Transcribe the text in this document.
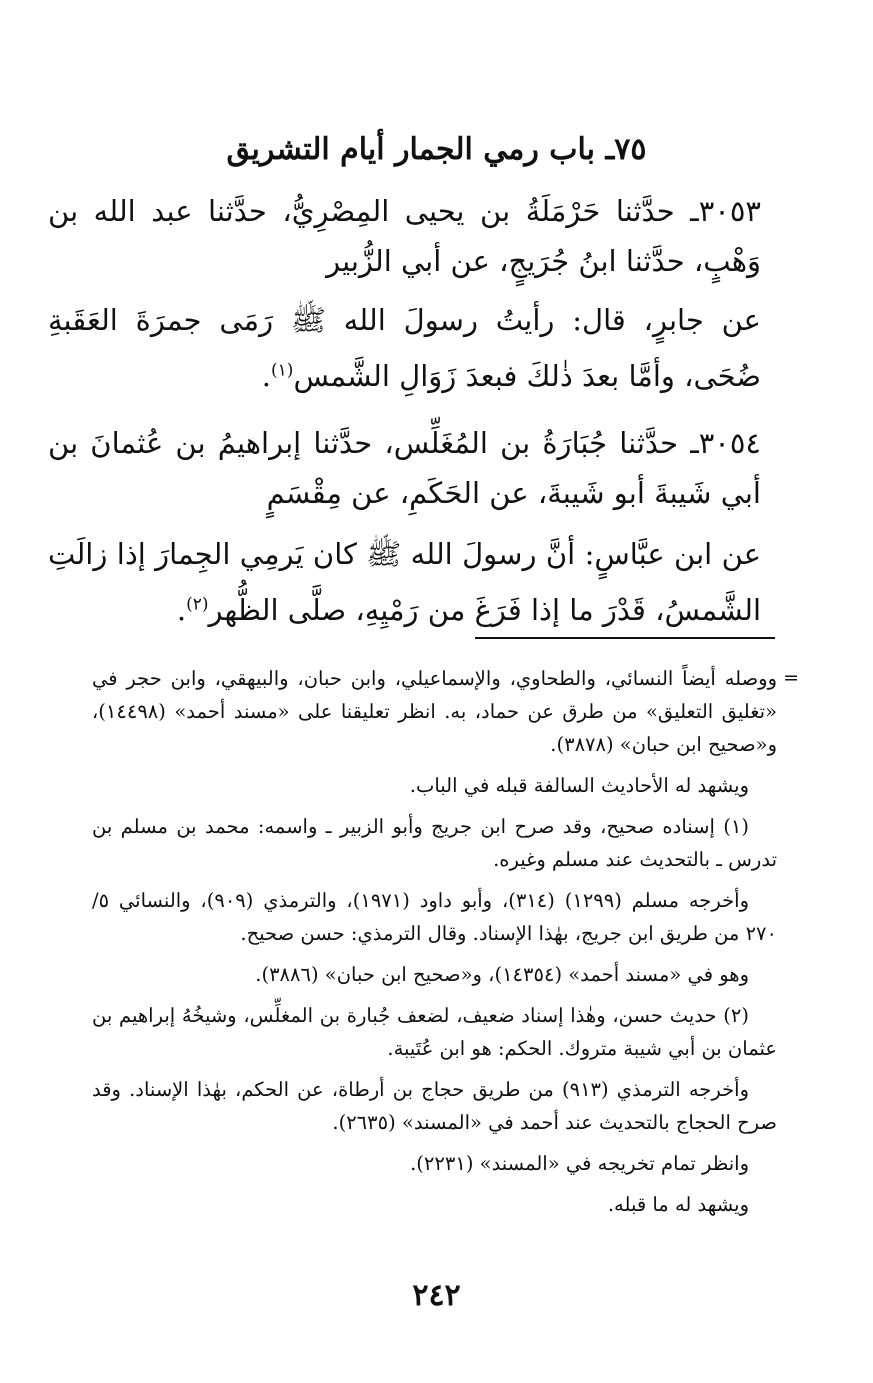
٧٥ـ باب رمي الجمار أيام التشريق

٣٠٥٣ـ حدَّثنا حَرْمَلَةُ بن يحيى المِصْرِيُّ، حدَّثنا عبد الله بن وَهْبٍ، حدَّثنا ابنُ جُرَيجٍ، عن أبي الزُّبير

عن جابرٍ، قال: رأيتُ رسولَ الله ﷺ رَمَى جمرَةَ العَقَبةِ ضُحَى، وأمَّا بعدَ ذٰلكَ فبعدَ زَوَالِ الشَّمس$^{(١)}$.

٣٠٥٤ـ حدَّثنا جُبَارَةُ بن المُغَلِّس، حدَّثنا إبراهيمُ بن عُثمانَ بن أبي شَيبةَ أبو شَيبةَ، عن الحَكَمِ، عن مِقْسَمٍ

عن ابن عبَّاسٍ: أنَّ رسولَ الله ﷺ كان يَرمِي الجِمارَ إذا زالَتِ الشَّمسُ، قَدْرَ ما إذا فَرَغَ من رَمْيِهِ، صلَّى الظُّهر$^{(٢)}$.

=

ووصله أيضاً النسائي، والطحاوي، والإسماعيلي، وابن حبان، والبيهقي، وابن حجر في «تغليق التعليق» من طرق عن حماد، به. انظر تعليقنا على «مسند أحمد» (١٤٤٩٨)، و«صحيح ابن حبان» (٣٨٧٨).

ويشهد له الأحاديث السالفة قبله في الباب.

(١) إسناده صحيح، وقد صرح ابن جريج وأبو الزبير ـ واسمه: محمد بن مسلم بن تدرس ـ بالتحديث عند مسلم وغيره.

وأخرجه مسلم (١٢٩٩) (٣١٤)، وأبو داود (١٩٧١)، والترمذي (٩٠٩)، والنسائي ٥/ ٢٧٠ من طريق ابن جريج، بهٰذا الإسناد. وقال الترمذي: حسن صحيح.

وهو في «مسند أحمد» (١٤٣٥٤)، و«صحيح ابن حبان» (٣٨٨٦).

(٢) حديث حسن، وهٰذا إسناد ضعيف، لضعف جُبارة بن المغلِّس، وشيخُهُ إبراهيم بن عثمان بن أبي شيبة متروك. الحكم: هو ابن عُتَيبة.

وأخرجه الترمذي (٩١٣) من طريق حجاج بن أرطاة، عن الحكم، بهٰذا الإسناد. وقد صرح الحجاج بالتحديث عند أحمد في «المسند» (٢٦٣٥).

وانظر تمام تخريجه في «المسند» (٢٢٣١).

ويشهد له ما قبله.

٢٤٢
